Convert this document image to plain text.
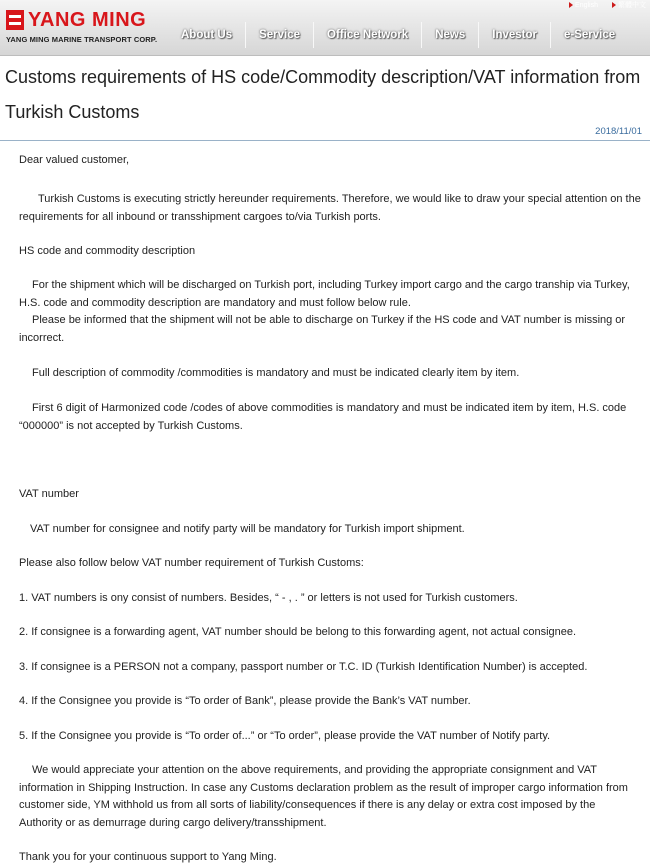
YANG MING
YANG MING MARINE TRANSPORT CORP.
English	繁體中文
About Us	Service	Office Network	News	Investor	e-Service
Customs requirements of HS code/Commodity description/VAT information from Turkish Customs
2018/11/01

Dear valued customer,

Turkish Customs is executing strictly hereunder requirements. Therefore, we would like to draw your special attention on the requirements for all inbound or transshipment cargoes to/via Turkish ports.

HS code and commodity description

For the shipment which will be discharged on Turkish port, including Turkey import cargo and the cargo tranship via Turkey, H.S. code and commodity description are mandatory and must follow below rule.

Please be informed that the shipment will not be able to discharge on Turkey if the HS code and VAT number is missing or incorrect.

Full description of commodity /commodities is mandatory and must be indicated clearly item by item.

First 6 digit of Harmonized code /codes of above commodities is mandatory and must be indicated item by item, H.S. code “000000” is not accepted by Turkish Customs.

VAT number

VAT number for consignee and notify party will be mandatory for Turkish import shipment.

Please also follow below VAT number requirement of Turkish Customs:

1. VAT numbers is ony consist of numbers. Besides, “ - , . ” or letters is not used for Turkish customers.

2. If consignee is a forwarding agent, VAT number should be belong to this forwarding agent, not actual consignee.

3. If consignee is a PERSON not a company, passport number or T.C. ID (Turkish Identification Number) is accepted.

4. If the Consignee you provide is “To order of Bank”, please provide the Bank’s VAT number.

5. If the Consignee you provide is “To order of...” or “To order”, please provide the VAT number of Notify party.

We would appreciate your attention on the above requirements, and providing the appropriate consignment and VAT information in Shipping Instruction. In case any Customs declaration problem as the result of improper cargo information from customer side, YM withhold us from all sorts of liability/consequences if there is any delay or extra cost imposed by the Authority or as demurrage during cargo delivery/transshipment.

Thank you for your continuous support to Yang Ming.
